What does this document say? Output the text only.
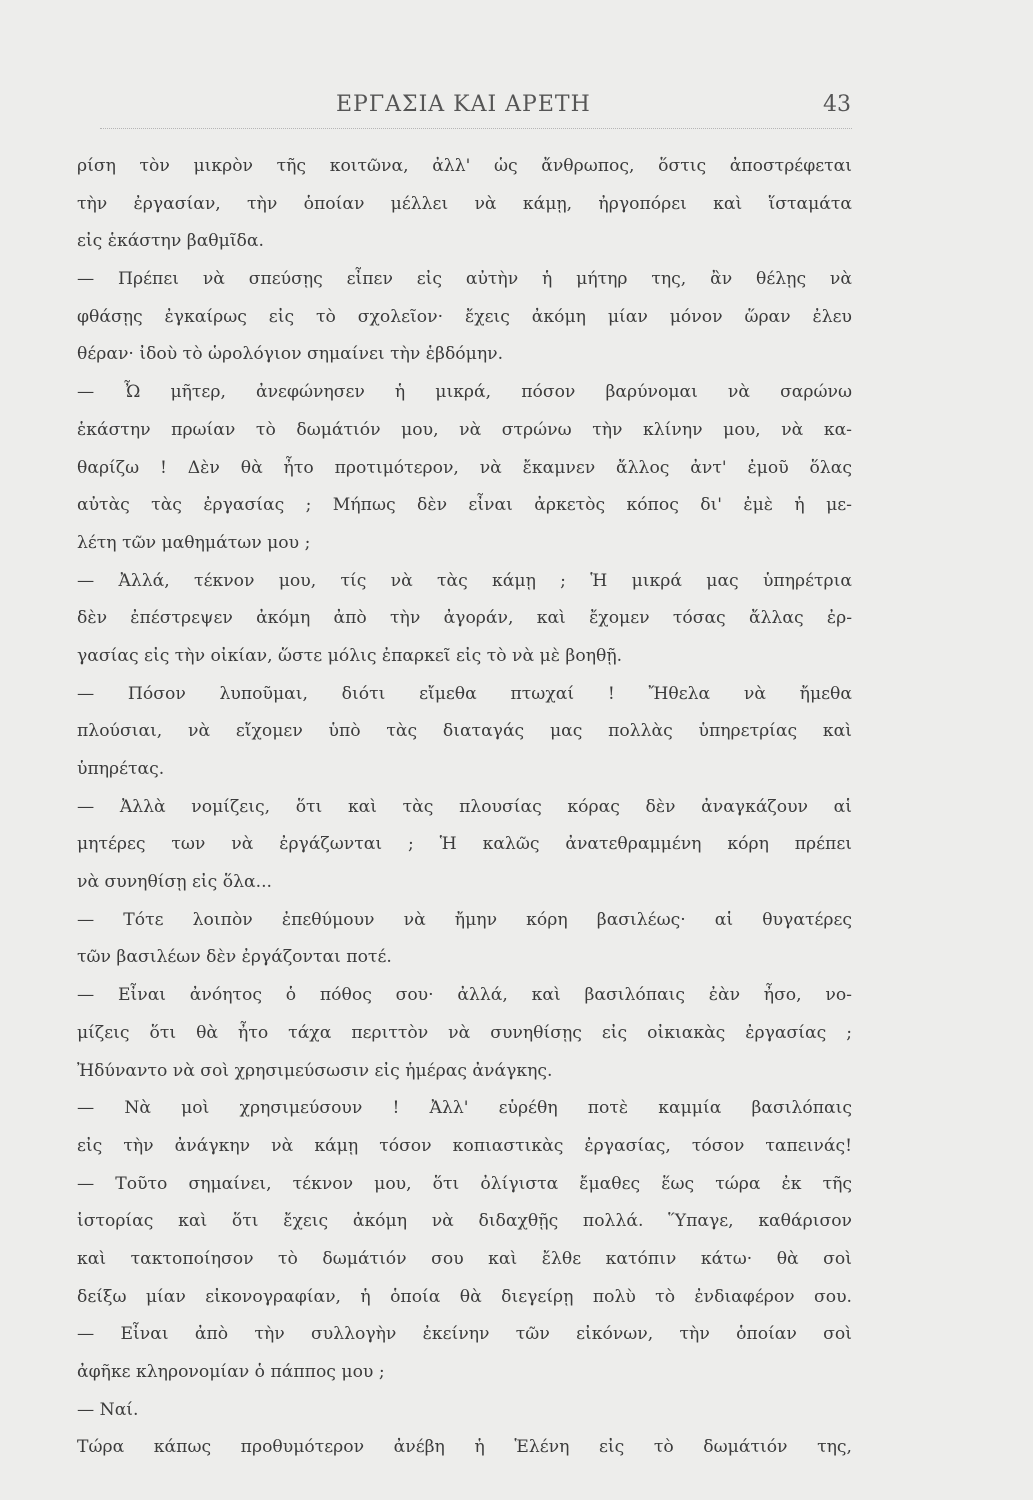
ΕΡΓΑΣΙΑ ΚΑΙ ΑΡΕΤΗ	43
ρίση τὸν μικρὸν τῆς κοιτῶνα, ἀλλ' ὡς ἄνθρωπος, ὅστις ἀποστρέφεται
τὴν ἐργασίαν, τὴν ὁποίαν μέλλει νὰ κάμῃ, ἠργοπόρει καὶ ἵσταμάτα
εἰς ἑκάστην βαθμῖδα.
— Πρέπει νὰ σπεύσῃς εἶπεν εἰς αὐτὴν ἡ μήτηρ της, ἂν θέλῃς νὰ
φθάσῃς ἐγκαίρως εἰς τὸ σχολεῖον· ἔχεις ἀκόμη μίαν μόνον ὥραν ἐλευ
θέραν· ἰδοὺ τὸ ὡρολόγιον σημαίνει τὴν ἑβδόμην.
— Ὦ μῆτερ, ἀνεφώνησεν ἡ μικρά, πόσον βαρύνομαι νὰ σαρώνω
ἑκάστην πρωίαν τὸ δωμάτιόν μου, νὰ στρώνω τὴν κλίνην μου, νὰ κα-
θαρίζω ! Δὲν θὰ ἦτο προτιμότερον, νὰ ἔκαμνεν ἄλλος ἀντ' ἐμοῦ ὅλας
αὐτὰς τὰς ἐργασίας ; Μήπως δὲν εἶναι ἀρκετὸς κόπος δι' ἐμὲ ἡ με-
λέτη τῶν μαθημάτων μου ;
— Ἀλλά, τέκνον μου, τίς νὰ τὰς κάμῃ ; Ἡ μικρά μας ὑπηρέτρια
δὲν ἐπέστρεψεν ἀκόμη ἀπὸ τὴν ἀγοράν, καὶ ἔχομεν τόσας ἄλλας ἐρ-
γασίας εἰς τὴν οἰκίαν, ὥστε μόλις ἐπαρκεῖ εἰς τὸ νὰ μὲ βοηθῇ.
— Πόσον λυποῦμαι, διότι εἴμεθα πτωχαί ! Ἤθελα νὰ ἤμεθα
πλούσιαι, νὰ εἴχομεν ὑπὸ τὰς διαταγάς μας πολλὰς ὑπηρετρίας καὶ
ὑπηρέτας.
— Ἀλλὰ νομίζεις, ὅτι καὶ τὰς πλουσίας κόρας δὲν ἀναγκάζουν αἱ
μητέρες των νὰ ἐργάζωνται ; Ἡ καλῶς ἀνατεθραμμένη κόρη πρέπει
νὰ συνηθίσῃ εἰς ὅλα...
— Τότε λοιπὸν ἐπεθύμουν νὰ ἤμην κόρη βασιλέως· αἱ θυγατέρες
τῶν βασιλέων δὲν ἐργάζονται ποτέ.
— Εἶναι ἀνόητος ὁ πόθος σου· ἀλλά, καὶ βασιλόπαις ἐὰν ἦσο, νο-
μίζεις ὅτι θὰ ἦτο τάχα περιττὸν νὰ συνηθίσῃς εἰς οἰκιακὰς ἐργασίας ;
Ἠδύναντο νὰ σοὶ χρησιμεύσωσιν εἰς ἡμέρας ἀνάγκης.
— Νὰ μοὶ χρησιμεύσουν ! Ἀλλ' εὑρέθη ποτὲ καμμία βασιλόπαις
εἰς τὴν ἀνάγκην νὰ κάμῃ τόσον κοπιαστικὰς ἐργασίας, τόσον ταπεινάς!
— Τοῦτο σημαίνει, τέκνον μου, ὅτι ὀλίγιστα ἔμαθες ἕως τώρα ἐκ τῆς
ἱστορίας καὶ ὅτι ἔχεις ἀκόμη νὰ διδαχθῇς πολλά. Ὕπαγε, καθάρισον
καὶ τακτοποίησον τὸ δωμάτιόν σου καὶ ἔλθε κατόπιν κάτω· θὰ σοὶ
δείξω μίαν εἰκονογραφίαν, ἡ ὁποία θὰ διεγείρῃ πολὺ τὸ ἐνδιαφέρον σου.
— Εἶναι ἀπὸ τὴν συλλογὴν ἐκείνην τῶν εἰκόνων, τὴν ὁποίαν σοὶ
ἀφῆκε κληρονομίαν ὁ πάππος μου ;
— Ναί.
Τώρα κάπως προθυμότερον ἀνέβη ἡ Ἑλένη εἰς τὸ δωμάτιόν της,
